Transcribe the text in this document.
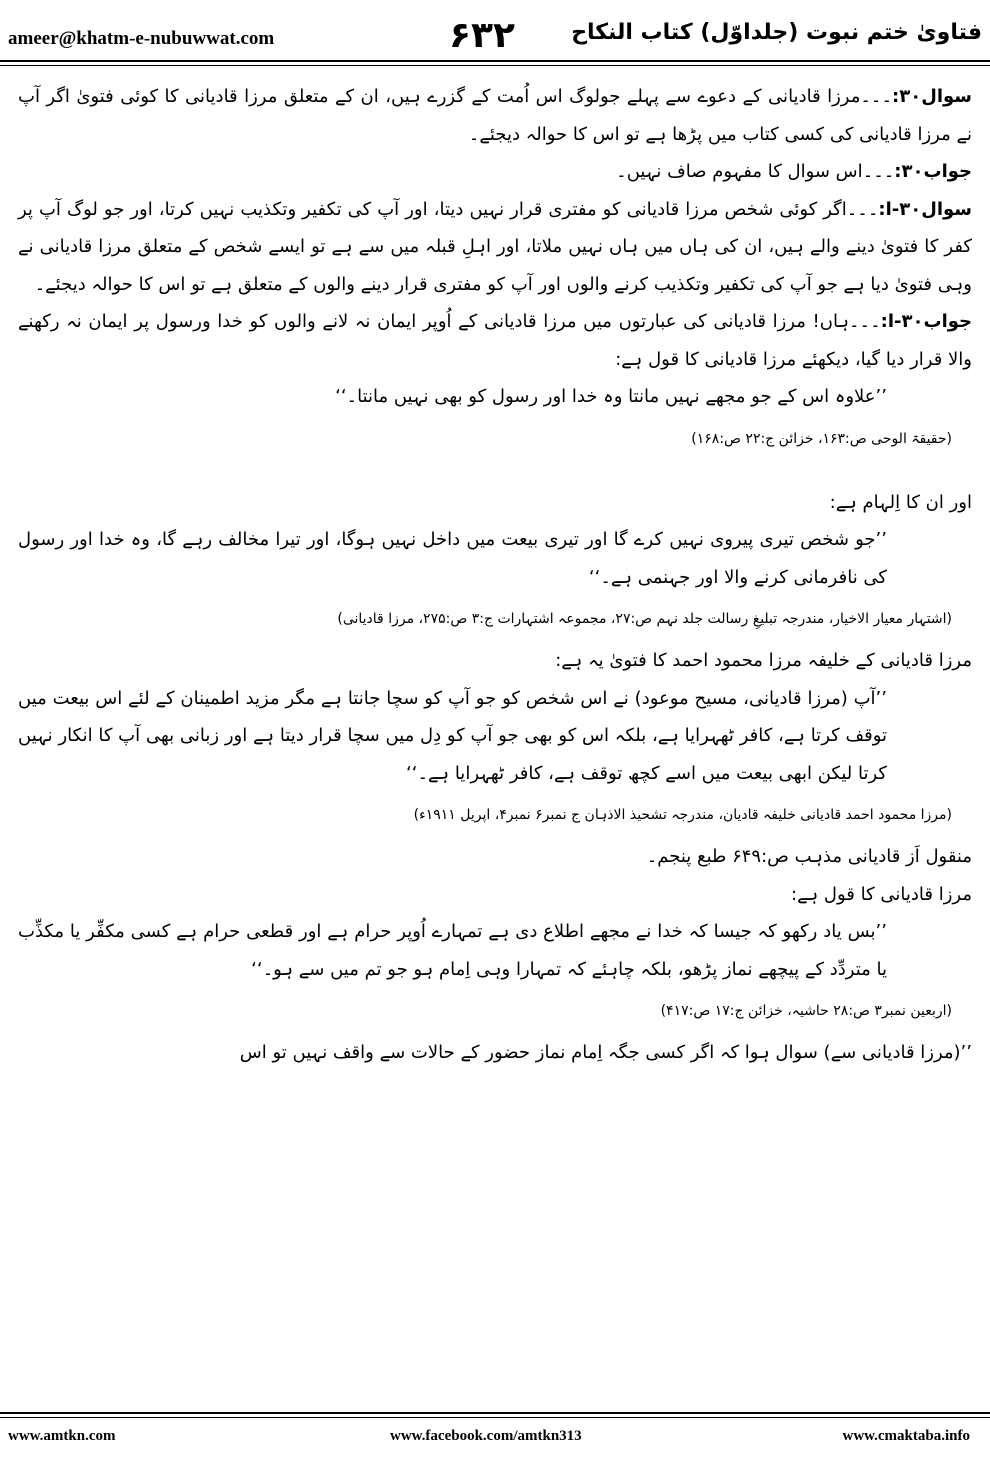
ameer@khatm-e-nubuwwat.com	۶۳۲	فتاویٰ ختم نبوت (جلداوّل) کتاب النکاح

سوال۳۰:۔۔۔مرزا قادیانی کے دعوے سے پہلے جولوگ اس اُمت کے گزرے ہیں، ان کے متعلق مرزا قادیانی کا کوئی فتویٰ اگر آپ نے مرزا قادیانی کی کسی کتاب میں پڑھا ہے تو اس کا حوالہ دیجئے۔

جواب۳۰:۔۔۔اس سوال کا مفہوم صاف نہیں۔

سوال۳۰-ا:۔۔۔اگر کوئی شخص مرزا قادیانی کو مفتری قرار نہیں دیتا، اور آپ کی تکفیر وتکذیب نہیں کرتا، اور جو لوگ آپ پر کفر کا فتویٰ دینے والے ہیں، ان کی ہاں میں ہاں نہیں ملاتا، اور اہلِ قبلہ میں سے ہے تو ایسے شخص کے متعلق مرزا قادیانی نے وہی فتویٰ دیا ہے جو آپ کی تکفیر وتکذیب کرنے والوں اور آپ کو مفتری قرار دینے والوں کے متعلق ہے تو اس کا حوالہ دیجئے۔

جواب۳۰-ا:۔۔۔ہاں! مرزا قادیانی کی عبارتوں میں مرزا قادیانی کے اُوپر ایمان نہ لانے والوں کو خدا ورسول پر ایمان نہ رکھنے والا قرار دیا گیا، دیکھئے مرزا قادیانی کا قول ہے:

’’علاوہ اس کے جو مجھے نہیں مانتا وہ خدا اور رسول کو بھی نہیں مانتا۔‘‘

(حقیقۃ الوحی ص:۱۶۳، خزائن ج:۲۲ ص:۱۶۸)

اور ان کا اِلہام ہے:

’’جو شخص تیری پیروی نہیں کرے گا اور تیری بیعت میں داخل نہیں ہوگا، اور تیرا مخالف رہے گا، وہ خدا اور رسول کی نافرمانی کرنے والا اور جہنمی ہے۔‘‘

(اشتہار معیار الاخیار، مندرجہ تبلیغِ رسالت جلد نہم ص:۲۷، مجموعہ اشتہارات ج:۳ ص:۲۷۵، مرزا قادیانی)

مرزا قادیانی کے خلیفہ مرزا محمود احمد کا فتویٰ یہ ہے:

’’آپ (مرزا قادیانی، مسیح موعود) نے اس شخص کو جو آپ کو سچا جانتا ہے مگر مزید اطمینان کے لئے اس بیعت میں توقف کرتا ہے، کافر ٹھہرایا ہے، بلکہ اس کو بھی جو آپ کو دِل میں سچا قرار دیتا ہے اور زبانی بھی آپ کا انکار نہیں کرتا لیکن ابھی بیعت میں اسے کچھ توقف ہے، کافر ٹھہرایا ہے۔‘‘

(مرزا محمود احمد قادیانی خلیفہ قادیان، مندرجہ تشحیذ الاذہان ج نمبر۶ نمبر۴، اپریل ۱۹۱۱ء)

منقول اَز قادیانی مذہب ص:۶۴۹ طبع پنجم۔

مرزا قادیانی کا قول ہے:

’’بس یاد رکھو کہ جیسا کہ خدا نے مجھے اطلاع دی ہے تمہارے اُوپر حرام ہے اور قطعی حرام ہے کسی مکفِّر یا مکذِّب یا متردِّد کے پیچھے نماز پڑھو، بلکہ چاہئے کہ تمہارا وہی اِمام ہو جو تم میں سے ہو۔‘‘

(اربعین نمبر۳ ص:۲۸ حاشیہ، خزائن ج:۱۷ ص:۴۱۷)

’’(مرزا قادیانی سے) سوال ہوا کہ اگر کسی جگہ اِمام نماز حضور کے حالات سے واقف نہیں تو اس

www.amtkn.com	www.facebook.com/amtkn313	www.cmaktaba.info
